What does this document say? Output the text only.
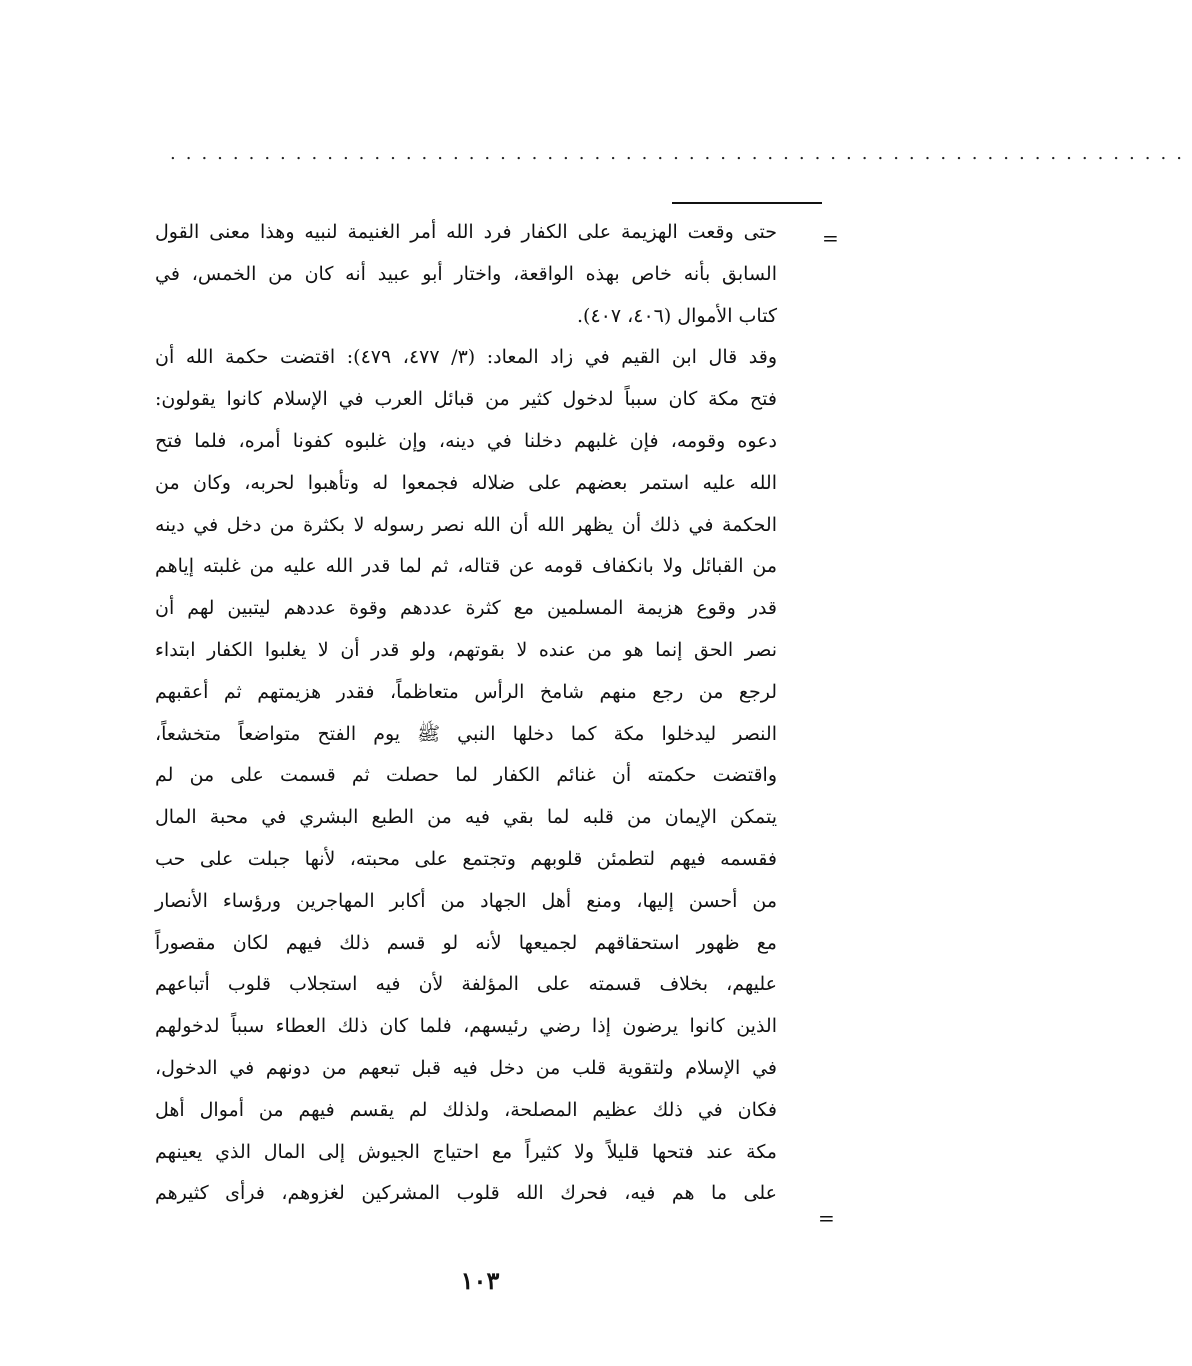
.................................................................
=
حتى وقعت الهزيمة على الكفار فرد الله أمر الغنيمة لنبيه وهذا معنى القول
السابق بأنه خاص بهذه الواقعة، واختار أبو عبيد أنه كان من الخمس، في
كتاب الأموال (٤٠٦، ٤٠٧).
وقد قال ابن القيم في زاد المعاد: (٣/ ٤٧٧، ٤٧٩): اقتضت حكمة الله أن
فتح مكة كان سبباً لدخول كثير من قبائل العرب في الإسلام كانوا يقولون:
دعوه وقومه، فإن غلبهم دخلنا في دينه، وإن غلبوه كفونا أمره، فلما فتح
الله عليه استمر بعضهم على ضلاله فجمعوا له وتأهبوا لحربه، وكان من
الحكمة في ذلك أن يظهر الله أن الله نصر رسوله لا بكثرة من دخل في دينه
من القبائل ولا بانكفاف قومه عن قتاله، ثم لما قدر الله عليه من غلبته إياهم
قدر وقوع هزيمة المسلمين مع كثرة عددهم وقوة عددهم ليتبين لهم أن
نصر الحق إنما هو من عنده لا بقوتهم، ولو قدر أن لا يغلبوا الكفار ابتداء
لرجع من رجع منهم شامخ الرأس متعاظماً، فقدر هزيمتهم ثم أعقبهم
النصر ليدخلوا مكة كما دخلها النبي ﷺ يوم الفتح متواضعاً متخشعاً،
واقتضت حكمته أن غنائم الكفار لما حصلت ثم قسمت على من لم
يتمكن الإيمان من قلبه لما بقي فيه من الطبع البشري في محبة المال
فقسمه فيهم لتطمئن قلوبهم وتجتمع على محبته، لأنها جبلت على حب
من أحسن إليها، ومنع أهل الجهاد من أكابر المهاجرين ورؤساء الأنصار
مع ظهور استحقاقهم لجميعها لأنه لو قسم ذلك فيهم لكان مقصوراً
عليهم، بخلاف قسمته على المؤلفة لأن فيه استجلاب قلوب أتباعهم
الذين كانوا يرضون إذا رضي رئيسهم، فلما كان ذلك العطاء سبباً لدخولهم
في الإسلام ولتقوية قلب من دخل فيه قبل تبعهم من دونهم في الدخول،
فكان في ذلك عظيم المصلحة، ولذلك لم يقسم فيهم من أموال أهل
مكة عند فتحها قليلاً ولا كثيراً مع احتياج الجيوش إلى المال الذي يعينهم
على ما هم فيه، فحرك الله قلوب المشركين لغزوهم، فرأى كثيرهم
=
١٠٣
